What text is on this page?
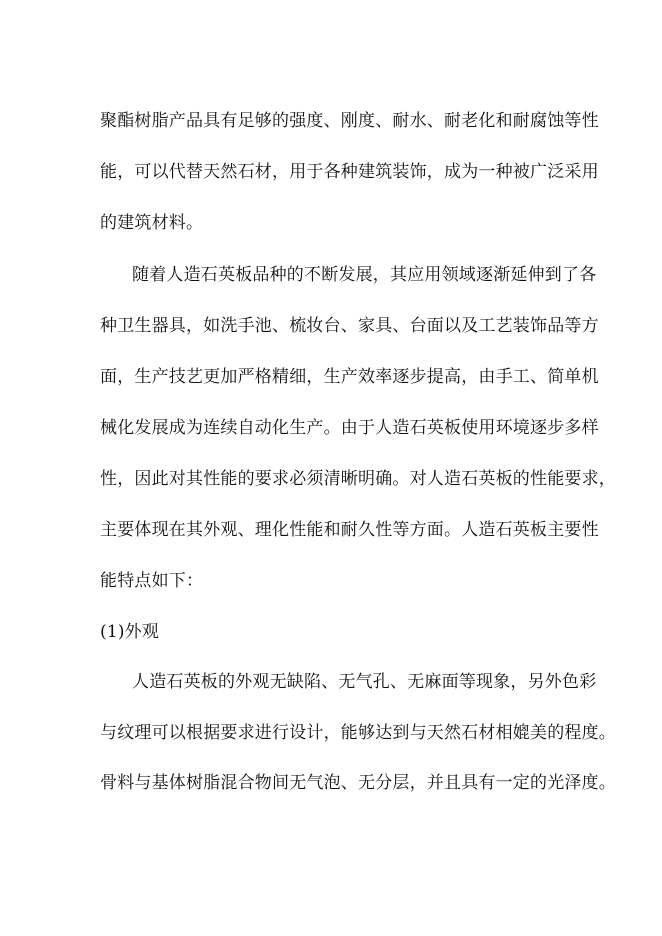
聚酯树脂产品具有足够的强度、刚度、耐水、耐老化和耐腐蚀等性
能，可以代替天然石材，用于各种建筑装饰，成为一种被广泛采用
的建筑材料。
随着人造石英板品种的不断发展，其应用领域逐渐延伸到了各
种卫生器具，如洗手池、梳妆台、家具、台面以及工艺装饰品等方
面，生产技艺更加严格精细，生产效率逐步提高，由手工、简单机
械化发展成为连续自动化生产。由于人造石英板使用环境逐步多样
性，因此对其性能的要求必须清晰明确。对人造石英板的性能要求，
主要体现在其外观、理化性能和耐久性等方面。人造石英板主要性
能特点如下：
(1)外观
人造石英板的外观无缺陷、无气孔、无麻面等现象，另外色彩
与纹理可以根据要求进行设计，能够达到与天然石材相媲美的程度。
骨料与基体树脂混合物间无气泡、无分层，并且具有一定的光泽度。
